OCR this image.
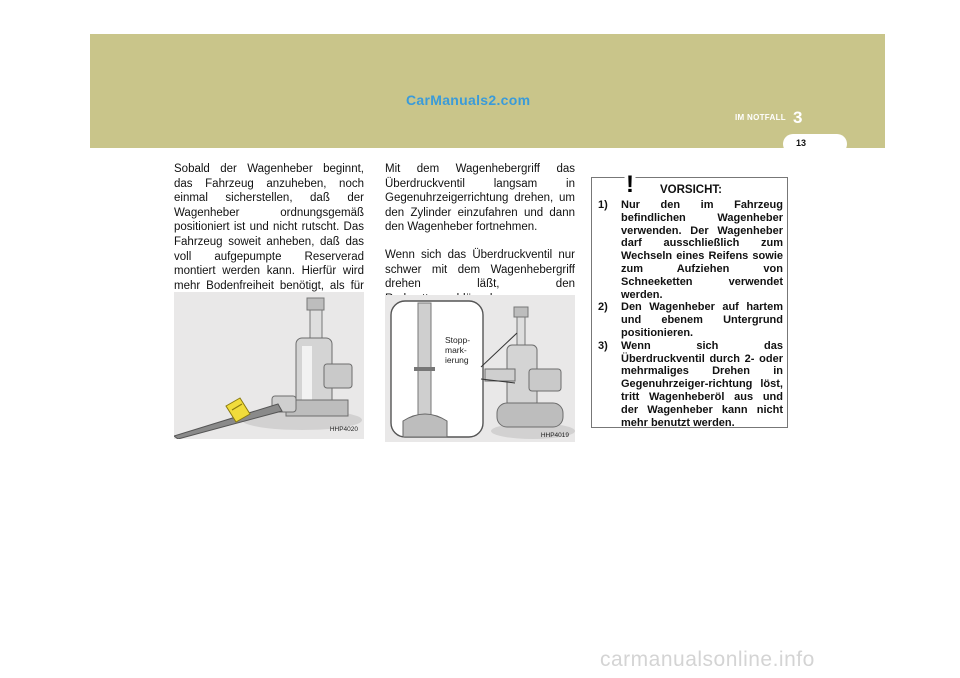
CarManuals2.com
IM NOTFALL 3
13

Sobald der Wagenheber beginnt, das Fahrzeug anzuheben, noch einmal sicherstellen, daß der Wagenheber ordnungsgemäß positioniert ist und nicht rutscht. Das Fahrzeug soweit anheben, daß das voll aufgepumpte Reserverad montiert werden kann. Hierfür wird mehr Bodenfreiheit benötigt, als für

HHP4020

Mit dem Wagenhebergriff das Überdruckventil langsam in Gegenuhrzeigerrichtung drehen, um den Zylinder einzufahren und dann den Wagenheber fortnehmen.

Wenn sich das Überdruckventil nur schwer mit dem Wagenhebergriff drehen läßt, den

Stopp-
mark-
ierung
HHP4019
! VORSICHT:
1) Nur den im Fahrzeug befindlichen Wagenheber verwenden. Der Wagenheber darf ausschließlich zum Wechseln eines Reifens sowie zum Aufziehen von Schneeketten verwendet werden.
2) Den Wagenheber auf hartem und ebenem Untergrund positionieren.
3) Wenn sich das Überdruckventil durch 2- oder mehrmaliges Drehen in Gegenuhrzeiger-richtung löst, tritt Wagenheberöl aus und der Wagenheber kann nicht mehr benutzt werden.
carmanualsonline.info
